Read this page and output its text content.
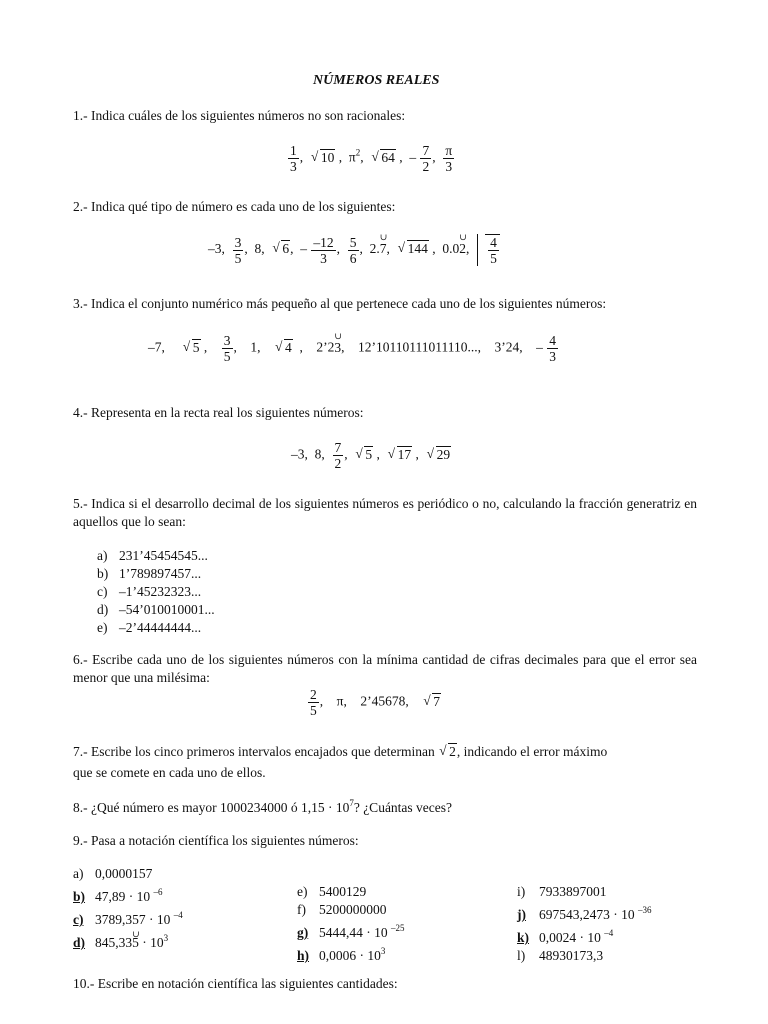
NÚMEROS REALES
1.- Indica cuáles de los siguientes números no son racionales:
$\frac{1}{3}$ ,  √ 10 ,  $\pi^2$,  √ 64 ,  – $\frac{7}{2}$ , $\frac{\pi}{3}$
2.- Indica qué tipo de número es cada uno de los siguientes:
–3, $\frac{3}{5}$ ,  8,  √ 6,  – $\frac{-12}{3}$ , $\frac{5}{6}$ ,  2.∪ 7,  √ 144 ,  0.0∪ 2, $\frac{4}{5}$
3.- Indica el conjunto numérico más pequeño al que pertenece cada uno de los siguientes números:
–7,     √ 5 , $\frac{3}{5}$ ,    1,    √ 4  ,    2’2∪ 3,    12’10110111011110..., 3’24,    – $\frac{4}{3}$
4.- Representa en la recta real los siguientes números:
–3,  8, $\frac{7}{2}$ ,  √ 5 ,  √ 17 ,  √ 29
5.- Indica si el desarrollo decimal de los siguientes números es periódico o no, calculando la fracción generatriz en aquellos que lo sean:
a) 231’45454545...
b) 1’789897457...
c) –1’45232323...
d) –54’010010001...
e) –2’44444444...
6.- Escribe cada uno de los siguientes números con la mínima cantidad de cifras decimales para que el error sea menor que una milésima:
$\frac{2}{5}$ ,    π,    2’45678, √ 7
7.- Escribe los cinco primeros intervalos encajados que determinan √ 2, indicando el error máximo
que se comete en cada uno de ellos.
8.- ¿Qué número es mayor 1000234000 ó $1,15 \cdot 10^7$? ¿Cuántas veces?
9.- Pasa a notación científica los siguientes números:
a) 0,0000157
b) 47,89 · 10 $^{-6}$
c) 3789,357 · 10 $^{-4}$
d) 845,33∪ $5 \cdot 10^3$
e) 5400129
f) 5200000000
g) 5444,44 · 10 $^{-25}$
h) $0,0006 \cdot 10^3$
i) 7933897001
j) 697543,2473 · 10 $^{-36}$
k) 0,0024 · 10 $^{-4}$
l) 48930173,3
10.- Escribe en notación científica las siguientes cantidades:
